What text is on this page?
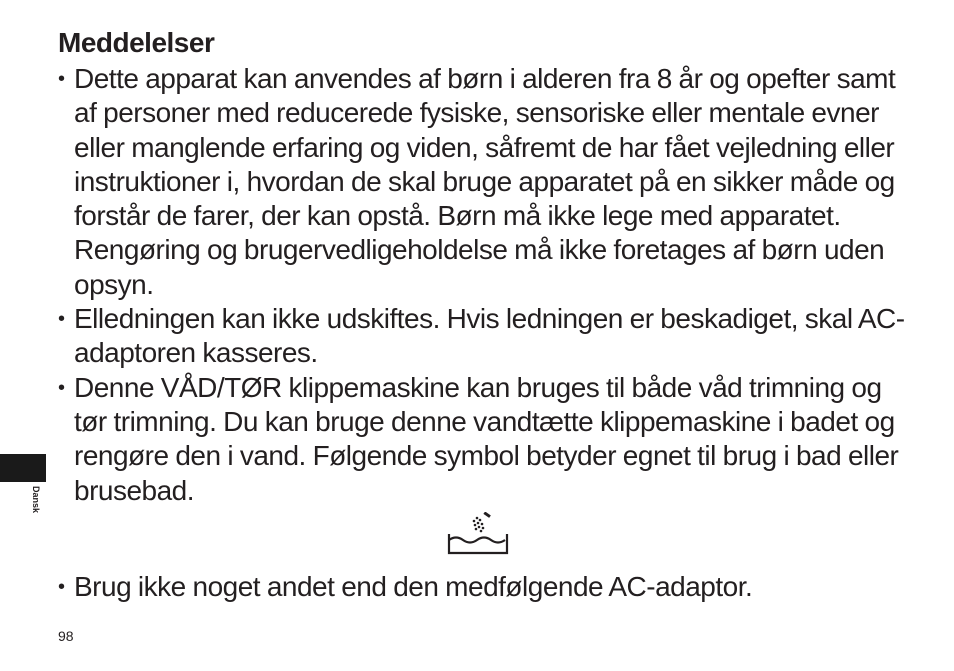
Meddelelser
• Dette apparat kan anvendes af børn i alderen fra 8 år og opefter samt af personer med reducerede fysiske, sensoriske eller mentale evner eller manglende erfaring og viden, såfremt de har fået vejledning eller instruktioner i, hvordan de skal bruge apparatet på en sikker måde og forstår de farer, der kan opstå. Børn må ikke lege med apparatet. Rengøring og brugervedligeholdelse må ikke foretages af børn uden opsyn.
• Elledningen kan ikke udskiftes. Hvis ledningen er beskadiget, skal AC-adaptoren kasseres.
• Denne VÅD/TØR klippemaskine kan bruges til både våd trimning og tør trimning. Du kan bruge denne vandtætte klippemaskine i badet og rengøre den i vand. Følgende symbol betyder egnet til brug i bad eller brusebad.
• Brug ikke noget andet end den medfølgende AC-adaptor.
Dansk
98
